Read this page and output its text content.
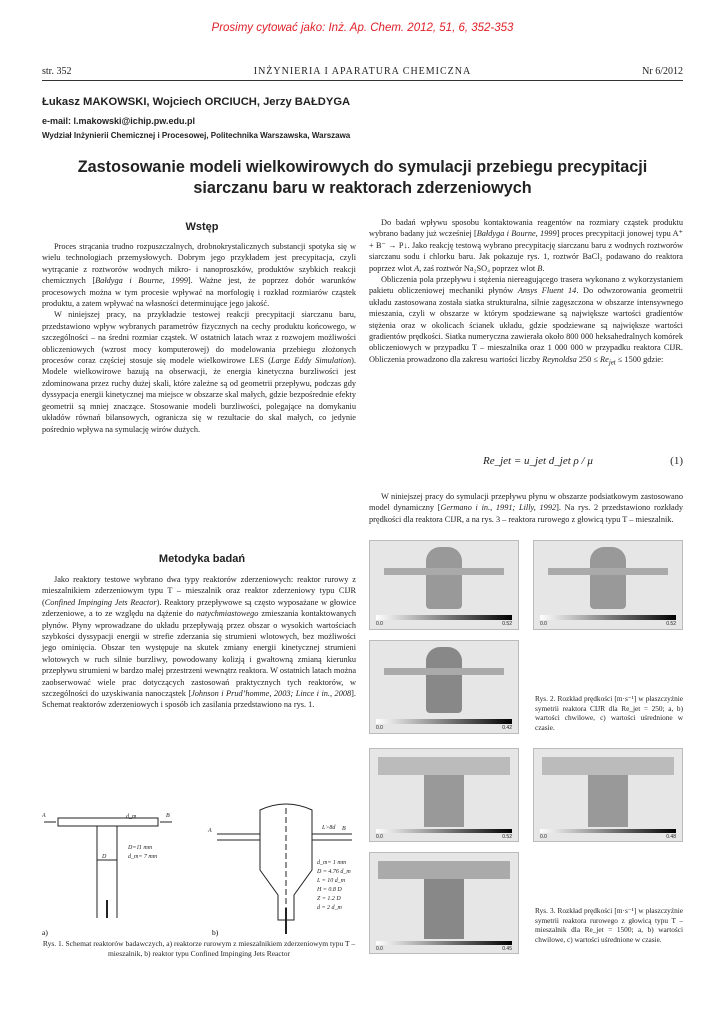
Prosimy cytować jako: Inż. Ap. Chem. 2012, 51, 6, 352-353
str. 352	INŻYNIERIA I APARATURA CHEMICZNA	Nr 6/2012
Łukasz MAKOWSKI, Wojciech ORCIUCH, Jerzy BAŁDYGA
e-mail: l.makowski@ichip.pw.edu.pl
Wydział Inżynierii Chemicznej i Procesowej, Politechnika Warszawska, Warszawa
Zastosowanie modeli wielkowirowych do symulacji przebiegu precypitacji
siarczanu baru w reaktorach zderzeniowych
Wstęp

Proces strącania trudno rozpuszczalnych, drobnokrystalicznych substancji spotyka się w wielu technologiach przemysłowych. Dobrym jego przykładem jest precypitacja, czyli wytrącanie z roztworów wodnych mikro- i nanoproszków, produktów szybkich reakcji chemicznych [Bałdyga i Bourne, 1999]. Ważne jest, że poprzez dobór warunków procesowych można w tym procesie wpływać na morfologię i rozkład rozmiarów cząstek produktu, a zatem wpływać na własności determinujące jego jakość.

W niniejszej pracy, na przykładzie testowej reakcji precypitacji siarczanu baru, przedstawiono wpływ wybranych parametrów fizycznych na cechy produktu końcowego, w szczególności – na średni rozmiar cząstek. W ostatnich latach wraz z rozwojem możliwości obliczeniowych (wzrost mocy komputerowej) do modelowania przebiegu złożonych procesów coraz częściej stosuje się modele wielkowirowe LES (Large Eddy Simulation). Modele wielkowirowe bazują na obserwacji, że energia kinetyczna burzliwości jest zdominowana przez ruchy dużej skali, które zależne są od geometrii przepływu, podczas gdy dyssypacja energii kinetycznej ma miejsce w obszarze skal małych, gdzie bezpośrednie efekty geometrii są mniej znaczące. Stosowanie modeli burzliwości, polegające na domykaniu układów równań bilansowych, ogranicza się w rezultacie do skal małych, co jedynie pośrednio wpływa na symulację wirów dużych.

Metodyka badań

Jako reaktory testowe wybrano dwa typy reaktorów zderzeniowych: reaktor rurowy z mieszalnikiem zderzeniowym typu T – mieszalnik oraz reaktor zderzeniowy typu CIJR (Confined Impinging Jets Reactor). Reaktory przepływowe są często wyposażane w głowice zderzeniowe, a to ze względu na dążenie do natychmiastowego zmieszania kontaktowanych płynów. Płyny wprowadzane do układu przepływają przez obszar o wysokich wartościach szybkości dyssypacji energii w strefie zderzania się strumieni wlotowych, bez możliwości jego ominięcia. Obszar ten występuje na skutek zmiany energii kinetycznej strumieni wlotowych w ruch silnie burzliwy, powodowany kolizją i gwałtowną zmianą kierunku przepływu strumieni w bardzo małej przestrzeni wewnątrz reaktora. W ostatnich latach można zaobserwować wiele prac dotyczących zastosowań praktycznych tych reaktorów, w szczególności do uzyskiwania nanocząstek [Johnson i Prud’homme, 2003; Lince i in., 2008]. Schemat reaktorów zderzeniowych i sposób ich zasilania przedstawiono na rys. 1.

A	B
d_m
D
D=11 mm
d_m= 7 mm
A	B
L>8d
d_m= 1 mm
D = 4.76 d_m
L = 10 d_m
H = 0.8 D
Z = 1.2 D
d = 2 d_m
a)	b)
Rys. 1. Schemat reaktorów badawczych, a) reaktorze rurowym z mieszalnikiem zderzeniowym typu T – mieszalnik, b) reaktor typu Confined Impinging Jets Reactor

Do badań wpływu sposobu kontaktowania reagentów na rozmiary cząstek produktu wybrano badany już wcześniej [Bałdyga i Bourne, 1999] proces precypitacji jonowej typu A⁺ + B⁻ → P↓. Jako reakcję testową wybrano precypitację siarczanu baru z wodnych roztworów siarczanu sodu i chlorku baru. Jak pokazuje rys. 1, roztwór BaCl₂ podawano do reaktora poprzez wlot A, zaś roztwór Na₂SO₄ poprzez wlot B.

Obliczenia pola przepływu i stężenia niereagującego trasera wykonano z wykorzystaniem pakietu obliczeniowej mechaniki płynów Ansys Fluent 14. Do odwzorowania geometrii układu zastosowana została siatka strukturalna, silnie zagęszczona w obszarze intensywnego mieszania, czyli w obszarze w którym spodziewane są największe wartości gradientów stężenia oraz w okolicach ścianek układu, gdzie spodziewane są największe wartości gradientów prędkości. Siatka numeryczna zawierała około 800 000 heksahedralnych komórek obliczeniowych w przypadku T – mieszalnika oraz 1 000 000 w przypadku reaktora CIJR. Obliczenia prowadzono dla zakresu wartości liczby Reynoldsa $250 \le Re_{jet} \le 1500$ gdzie:

Re_jet = u_jet d_jet ρ / μ	(1)

W niniejszej pracy do symulacji przepływu płynu w obszarze podsiatkowym zastosowano model dynamiczny [Germano i in., 1991; Lilly, 1992]. Na rys. 2 przedstawiono rozkłady prędkości dla reaktora CIJR, a na rys. 3 – reaktora rurowego z głowicą typu T – mieszalnik.

0.0	0.52	0.0	0.52
0.0	0.42
Rys. 2. Rozkład prędkości [m·s⁻¹] w płaszczyźnie symetrii reaktora CIJR dla Re_jet = 250; a, b) wartości chwilowe, c) wartości uśrednione w czasie.
0.0	0.52	0.0	0.48
0.0	0.45
Rys. 3. Rozkład prędkości [m·s⁻¹] w płaszczyźnie symetrii reaktora rurowego z głowicą typu T – mieszalnik dla Re_jet = 1500; a, b) wartości chwilowe, c) wartości uśrednione w czasie.
